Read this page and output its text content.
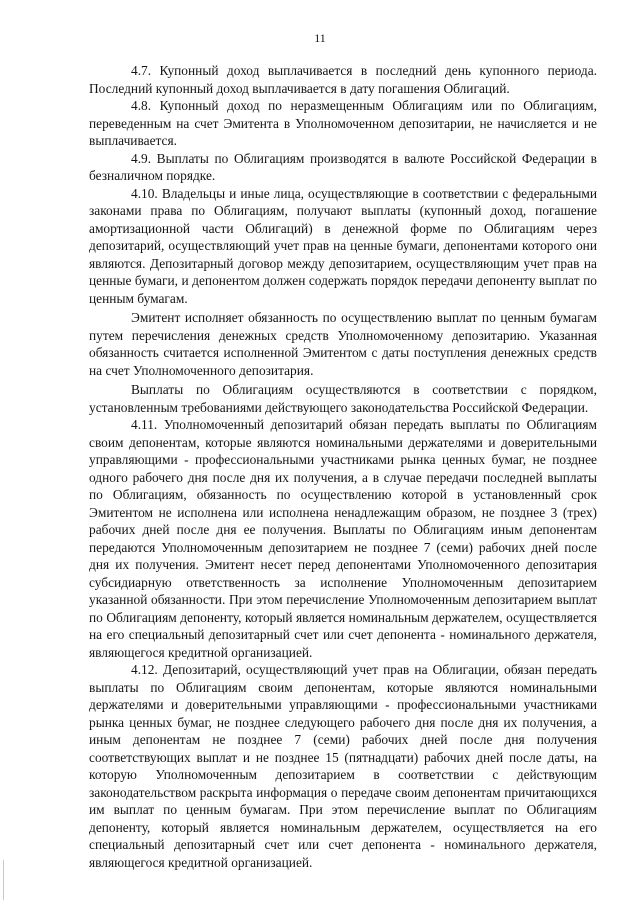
11

4.7. Купонный доход выплачивается в последний день купонного периода. Последний купонный доход выплачивается в дату погашения Облигаций.

4.8. Купонный доход по неразмещенным Облигациям или по Облигациям, переведенным на счет Эмитента в Уполномоченном депозитарии, не начисляется и не выплачивается.

4.9. Выплаты по Облигациям производятся в валюте Российской Федерации в безналичном порядке.

4.10. Владельцы и иные лица, осуществляющие в соответствии с федеральными законами права по Облигациям, получают выплаты (купонный доход, погашение амортизационной части Облигаций) в денежной форме по Облигациям через депозитарий, осуществляющий учет прав на ценные бумаги, депонентами которого они являются. Депозитарный договор между депозитарием, осуществляющим учет прав на ценные бумаги, и депонентом должен содержать порядок передачи депоненту выплат по ценным бумагам.

Эмитент исполняет обязанность по осуществлению выплат по ценным бумагам путем перечисления денежных средств Уполномоченному депозитарию. Указанная обязанность считается исполненной Эмитентом с даты поступления денежных средств на счет Уполномоченного депозитария.

Выплаты по Облигациям осуществляются в соответствии с порядком, установленным требованиями действующего законодательства Российской Федерации.

4.11. Уполномоченный депозитарий обязан передать выплаты по Облигациям своим депонентам, которые являются номинальными держателями и доверительными управляющими - профессиональными участниками рынка ценных бумаг, не позднее одного рабочего дня после дня их получения, а в случае передачи последней выплаты по Облигациям, обязанность по осуществлению которой в установленный срок Эмитентом не исполнена или исполнена ненадлежащим образом, не позднее 3 (трех) рабочих дней после дня ее получения. Выплаты по Облигациям иным депонентам передаются Уполномоченным депозитарием не позднее 7 (семи) рабочих дней после дня их получения. Эмитент несет перед депонентами Уполномоченного депозитария субсидиарную ответственность за исполнение Уполномоченным депозитарием указанной обязанности. При этом перечисление Уполномоченным депозитарием выплат по Облигациям депоненту, который является номинальным держателем, осуществляется на его специальный депозитарный счет или счет депонента - номинального держателя, являющегося кредитной организацией.

4.12. Депозитарий, осуществляющий учет прав на Облигации, обязан передать выплаты по Облигациям своим депонентам, которые являются номинальными держателями и доверительными управляющими - профессиональными участниками рынка ценных бумаг, не позднее следующего рабочего дня после дня их получения, а иным депонентам не позднее 7 (семи) рабочих дней после дня получения соответствующих выплат и не позднее 15 (пятнадцати) рабочих дней после даты, на которую Уполномоченным депозитарием в соответствии с действующим законодательством раскрыта информация о передаче своим депонентам причитающихся им выплат по ценным бумагам. При этом перечисление выплат по Облигациям депоненту, который является номинальным держателем, осуществляется на его специальный депозитарный счет или счет депонента - номинального держателя, являющегося кредитной организацией.
